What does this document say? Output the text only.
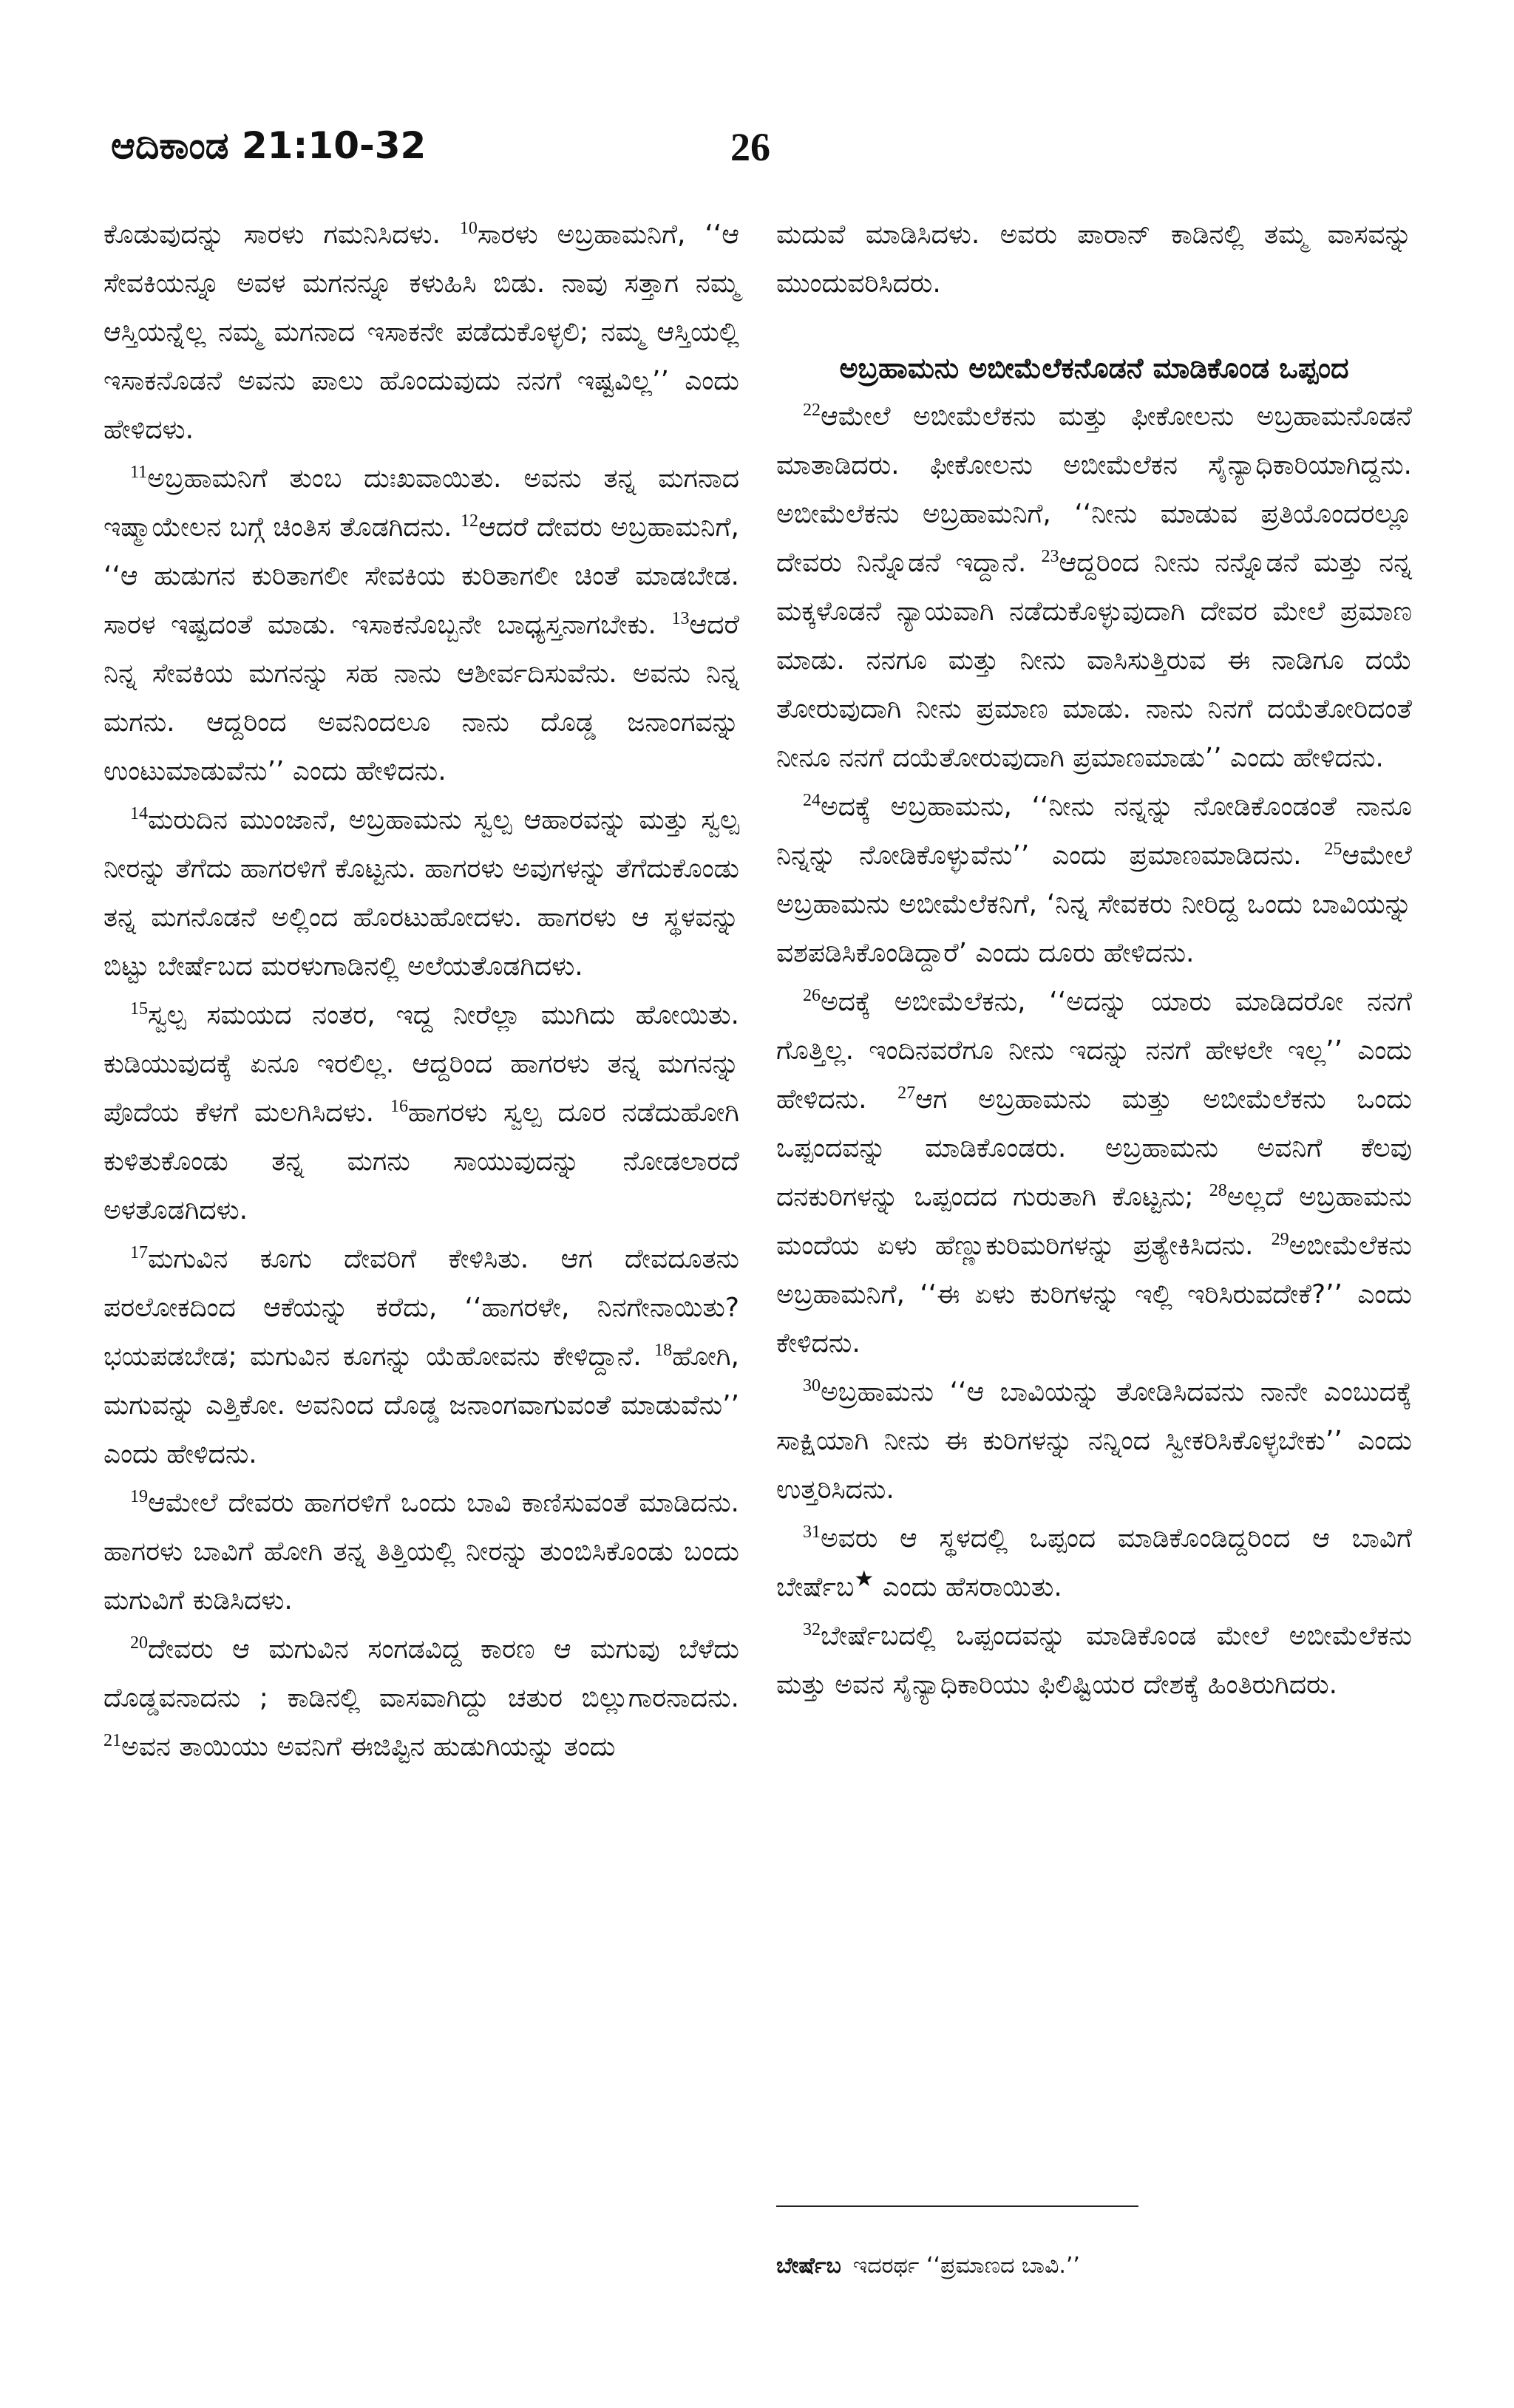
ಆದಿಕಾಂಡ 21:10-32	26

ಕೊಡುವುದನ್ನು ಸಾರಳು ಗಮನಿಸಿದಳು. $^{10}$ಸಾರಳು ಅಬ್ರಹಾಮನಿಗೆ, ‘‘ಆ ಸೇವಕಿಯನ್ನೂ ಅವಳ ಮಗನನ್ನೂ ಕಳುಹಿಸಿ ಬಿಡು. ನಾವು ಸತ್ತಾಗ ನಮ್ಮ ಆಸ್ತಿಯನ್ನೆಲ್ಲ ನಮ್ಮ ಮಗನಾದ ಇಸಾಕನೇ ಪಡೆದುಕೊಳ್ಳಲಿ; ನಮ್ಮ ಆಸ್ತಿಯಲ್ಲಿ ಇಸಾಕನೊಡನೆ ಅವನು ಪಾಲು ಹೊಂದುವುದು ನನಗೆ ಇಷ್ಟವಿಲ್ಲ’’ ಎಂದು ಹೇಳಿದಳು.

$^{11}$ಅಬ್ರಹಾಮನಿಗೆ ತುಂಬ ದುಃಖವಾಯಿತು. ಅವನು ತನ್ನ ಮಗನಾದ ಇಷ್ಮಾಯೇಲನ ಬಗ್ಗೆ ಚಿಂತಿಸ ತೊಡಗಿದನು. $^{12}$ಆದರೆ ದೇವರು ಅಬ್ರಹಾಮನಿಗೆ, ‘‘ಆ ಹುಡುಗನ ಕುರಿತಾಗಲೀ ಸೇವಕಿಯ ಕುರಿತಾಗಲೀ ಚಿಂತೆ ಮಾಡಬೇಡ. ಸಾರಳ ಇಷ್ಟದಂತೆ ಮಾಡು. ಇಸಾಕನೊಬ್ಬನೇ ಬಾಧ್ಯಸ್ತನಾಗಬೇಕು. $^{13}$ಆದರೆ ನಿನ್ನ ಸೇವಕಿಯ ಮಗನನ್ನು ಸಹ ನಾನು ಆಶೀರ್ವದಿಸುವೆನು. ಅವನು ನಿನ್ನ ಮಗನು. ಆದ್ದರಿಂದ ಅವನಿಂದಲೂ ನಾನು ದೊಡ್ಡ ಜನಾಂಗವನ್ನು ಉಂಟುಮಾಡುವೆನು’’ ಎಂದು ಹೇಳಿದನು.

$^{14}$ಮರುದಿನ ಮುಂಜಾನೆ, ಅಬ್ರಹಾಮನು ಸ್ವಲ್ಪ ಆಹಾರವನ್ನು ಮತ್ತು ಸ್ವಲ್ಪ ನೀರನ್ನು ತೆಗೆದು ಹಾಗರಳಿಗೆ ಕೊಟ್ಟನು. ಹಾಗರಳು ಅವುಗಳನ್ನು ತೆಗೆದುಕೊಂಡು ತನ್ನ ಮಗನೊಡನೆ ಅಲ್ಲಿಂದ ಹೊರಟುಹೋದಳು. ಹಾಗರಳು ಆ ಸ್ಥಳವನ್ನು ಬಿಟ್ಟು ಬೇರ್ಷೆಬದ ಮರಳುಗಾಡಿನಲ್ಲಿ ಅಲೆಯತೊಡಗಿದಳು.

$^{15}$ಸ್ವಲ್ಪ ಸಮಯದ ನಂತರ, ಇದ್ದ ನೀರೆಲ್ಲಾ ಮುಗಿದು ಹೋಯಿತು. ಕುಡಿಯುವುದಕ್ಕೆ ಏನೂ ಇರಲಿಲ್ಲ. ಆದ್ದರಿಂದ ಹಾಗರಳು ತನ್ನ ಮಗನನ್ನು ಪೊದೆಯ ಕೆಳಗೆ ಮಲಗಿಸಿದಳು. $^{16}$ಹಾಗರಳು ಸ್ವಲ್ಪ ದೂರ ನಡೆದುಹೋಗಿ ಕುಳಿತುಕೊಂಡು ತನ್ನ ಮಗನು ಸಾಯುವುದನ್ನು ನೋಡಲಾರದೆ ಅಳತೊಡಗಿದಳು.

$^{17}$ಮಗುವಿನ ಕೂಗು ದೇವರಿಗೆ ಕೇಳಿಸಿತು. ಆಗ ದೇವದೂತನು ಪರಲೋಕದಿಂದ ಆಕೆಯನ್ನು ಕರೆದು, ‘‘ಹಾಗರಳೇ, ನಿನಗೇನಾಯಿತು? ಭಯಪಡಬೇಡ; ಮಗುವಿನ ಕೂಗನ್ನು ಯೆಹೋವನು ಕೇಳಿದ್ದಾನೆ. $^{18}$ಹೋಗಿ, ಮಗುವನ್ನು ಎತ್ತಿಕೋ. ಅವನಿಂದ ದೊಡ್ಡ ಜನಾಂಗವಾಗುವಂತೆ ಮಾಡುವೆನು’’ ಎಂದು ಹೇಳಿದನು.

$^{19}$ಆಮೇಲೆ ದೇವರು ಹಾಗರಳಿಗೆ ಒಂದು ಬಾವಿ ಕಾಣಿಸುವಂತೆ ಮಾಡಿದನು. ಹಾಗರಳು ಬಾವಿಗೆ ಹೋಗಿ ತನ್ನ ತಿತ್ತಿಯಲ್ಲಿ ನೀರನ್ನು ತುಂಬಿಸಿಕೊಂಡು ಬಂದು ಮಗುವಿಗೆ ಕುಡಿಸಿದಳು.

$^{20}$ದೇವರು ಆ ಮಗುವಿನ ಸಂಗಡವಿದ್ದ ಕಾರಣ ಆ ಮಗುವು ಬೆಳೆದು ದೊಡ್ಡವನಾದನು ; ಕಾಡಿನಲ್ಲಿ ವಾಸವಾಗಿದ್ದು ಚತುರ ಬಿಲ್ಲುಗಾರನಾದನು. $^{21}$ಅವನ ತಾಯಿಯು ಅವನಿಗೆ ಈಜಿಪ್ಟಿನ ಹುಡುಗಿಯನ್ನು ತಂದು

ಮದುವೆ ಮಾಡಿಸಿದಳು. ಅವರು ಪಾರಾನ್ ಕಾಡಿನಲ್ಲಿ ತಮ್ಮ ವಾಸವನ್ನು ಮುಂದುವರಿಸಿದರು.

ಅಬ್ರಹಾಮನು ಅಬೀಮೆಲೆಕನೊಡನೆ ಮಾಡಿಕೊಂಡ ಒಪ್ಪಂದ

$^{22}$ಆಮೇಲೆ ಅಬೀಮೆಲೆಕನು ಮತ್ತು ಫೀಕೋಲನು ಅಬ್ರಹಾಮನೊಡನೆ ಮಾತಾಡಿದರು. ಫೀಕೋಲನು ಅಬೀಮೆಲೆಕನ ಸೈನ್ಯಾಧಿಕಾರಿಯಾಗಿದ್ದನು. ಅಬೀಮೆಲೆಕನು ಅಬ್ರಹಾಮನಿಗೆ, ‘‘ನೀನು ಮಾಡುವ ಪ್ರತಿಯೊಂದರಲ್ಲೂ ದೇವರು ನಿನ್ನೊಡನೆ ಇದ್ದಾನೆ. $^{23}$ಆದ್ದರಿಂದ ನೀನು ನನ್ನೊಡನೆ ಮತ್ತು ನನ್ನ ಮಕ್ಕಳೊಡನೆ ನ್ಯಾಯವಾಗಿ ನಡೆದುಕೊಳ್ಳುವುದಾಗಿ ದೇವರ ಮೇಲೆ ಪ್ರಮಾಣ ಮಾಡು. ನನಗೂ ಮತ್ತು ನೀನು ವಾಸಿಸುತ್ತಿರುವ ಈ ನಾಡಿಗೂ ದಯೆ ತೋರುವುದಾಗಿ ನೀನು ಪ್ರಮಾಣ ಮಾಡು. ನಾನು ನಿನಗೆ ದಯೆತೋರಿದಂತೆ ನೀನೂ ನನಗೆ ದಯೆತೋರುವುದಾಗಿ ಪ್ರಮಾಣಮಾಡು’’ ಎಂದು ಹೇಳಿದನು.

$^{24}$ಅದಕ್ಕೆ ಅಬ್ರಹಾಮನು, ‘‘ನೀನು ನನ್ನನ್ನು ನೋಡಿಕೊಂಡಂತೆ ನಾನೂ ನಿನ್ನನ್ನು ನೋಡಿಕೊಳ್ಳುವೆನು’’ ಎಂದು ಪ್ರಮಾಣಮಾಡಿದನು. $^{25}$ಆಮೇಲೆ ಅಬ್ರಹಾಮನು ಅಬೀಮೆಲೆಕನಿಗೆ, ‘ನಿನ್ನ ಸೇವಕರು ನೀರಿದ್ದ ಒಂದು ಬಾವಿಯನ್ನು ವಶಪಡಿಸಿಕೊಂಡಿದ್ದಾರೆ’ ಎಂದು ದೂರು ಹೇಳಿದನು.

$^{26}$ಅದಕ್ಕೆ ಅಬೀಮೆಲೆಕನು, ‘‘ಅದನ್ನು ಯಾರು ಮಾಡಿದರೋ ನನಗೆ ಗೊತ್ತಿಲ್ಲ. ಇಂದಿನವರೆಗೂ ನೀನು ಇದನ್ನು ನನಗೆ ಹೇಳಲೇ ಇಲ್ಲ’’ ಎಂದು ಹೇಳಿದನು. $^{27}$ಆಗ ಅಬ್ರಹಾಮನು ಮತ್ತು ಅಬೀಮೆಲೆಕನು ಒಂದು ಒಪ್ಪಂದವನ್ನು ಮಾಡಿಕೊಂಡರು. ಅಬ್ರಹಾಮನು ಅವನಿಗೆ ಕೆಲವು ದನಕುರಿಗಳನ್ನು ಒಪ್ಪಂದದ ಗುರುತಾಗಿ ಕೊಟ್ಟನು; $^{28}$ಅಲ್ಲದೆ ಅಬ್ರಹಾಮನು ಮಂದೆಯ ಏಳು ಹೆಣ್ಣುಕುರಿಮರಿಗಳನ್ನು ಪ್ರತ್ಯೇಕಿಸಿದನು. $^{29}$ಅಬೀಮೆಲೆಕನು ಅಬ್ರಹಾಮನಿಗೆ, ‘‘ಈ ಏಳು ಕುರಿಗಳನ್ನು ಇಲ್ಲಿ ಇರಿಸಿರುವದೇಕೆ?’’ ಎಂದು ಕೇಳಿದನು.

$^{30}$ಅಬ್ರಹಾಮನು ‘‘ಆ ಬಾವಿಯನ್ನು ತೋಡಿಸಿದವನು ನಾನೇ ಎಂಬುದಕ್ಕೆ ಸಾಕ್ಷಿಯಾಗಿ ನೀನು ಈ ಕುರಿಗಳನ್ನು ನನ್ನಿಂದ ಸ್ವೀಕರಿಸಿಕೊಳ್ಳಬೇಕು’’ ಎಂದು ಉತ್ತರಿಸಿದನು.

$^{31}$ಅವರು ಆ ಸ್ಥಳದಲ್ಲಿ ಒಪ್ಪಂದ ಮಾಡಿಕೊಂಡಿದ್ದರಿಂದ ಆ ಬಾವಿಗೆ ಬೇರ್ಷೆಬ★ ಎಂದು ಹೆಸರಾಯಿತು.

$^{32}$ಬೇರ್ಷೆಬದಲ್ಲಿ ಒಪ್ಪಂದವನ್ನು ಮಾಡಿಕೊಂಡ ಮೇಲೆ ಅಬೀಮೆಲೆಕನು ಮತ್ತು ಅವನ ಸೈನ್ಯಾಧಿಕಾರಿಯು ಫಿಲಿಷ್ಟಿಯರ ದೇಶಕ್ಕೆ ಹಿಂತಿರುಗಿದರು.

ಬೇರ್ಷೆಬ ಇದರರ್ಥ ‘‘ಪ್ರಮಾಣದ ಬಾವಿ.’’
